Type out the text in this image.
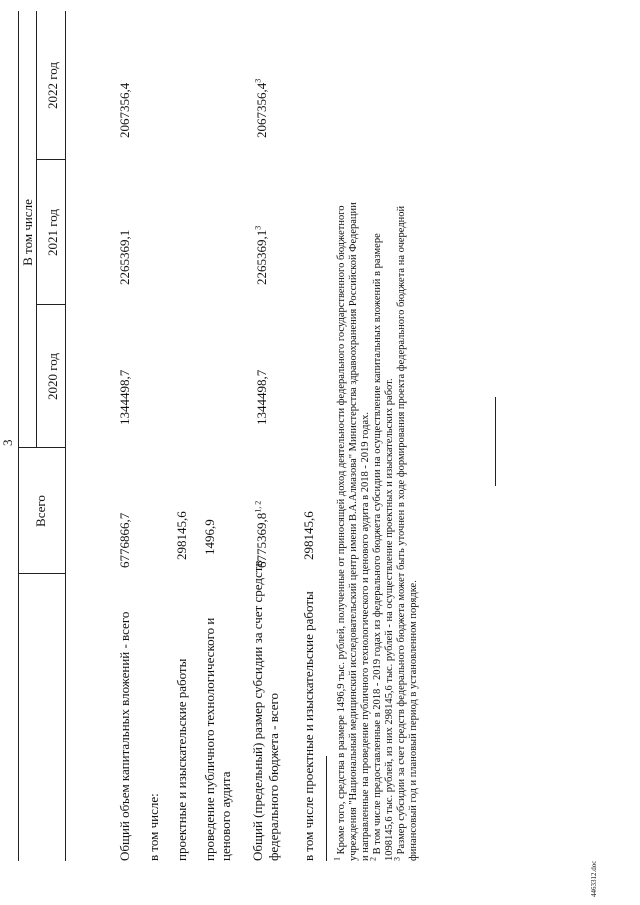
3
Всего
В том числе
2020 год
2021 год
2022 год
Общий объем капитальных вложений - всего
6776866,7
1344498,7
2265369,1
2067356,4
в том числе: проектные и изыскательские работы
298145,6
проведение публичного технологического и ценового аудита
1496,9
Общий (предельный) размер субсидии за счет средств федерального бюджета - всего
6775369,8$^{1, 2}$
1344498,7
2265369,1$^3$
2067356,4$^3$
в том числе проектные и изыскательские работы
298145,6
$^1$ Кроме того, средства в размере 1496,9 тыс. рублей, полученные от приносящей доход деятельности федерального государственного бюджетного учреждения "Национальный медицинский исследовательский центр имени В.А.Алмазова" Министерства здравоохранения Российской Федерации и направленные на проведение публичного технологического и ценового аудита в 2018 - 2019 годах.
$^2$ В том числе предоставленные в 2018 - 2019 годах из федерального бюджета субсидии на осуществление капитальных вложений в размере 1098145,6 тыс. рублей, из них 298145,6 тыс. рублей - на осуществление проектных и изыскательских работ.
$^3$ Размер субсидии за счет средств федерального бюджета может быть уточнен в ходе формирования проекта федерального бюджета на очередной финансовый год и плановый период в установленном порядке.
4463312.doc
